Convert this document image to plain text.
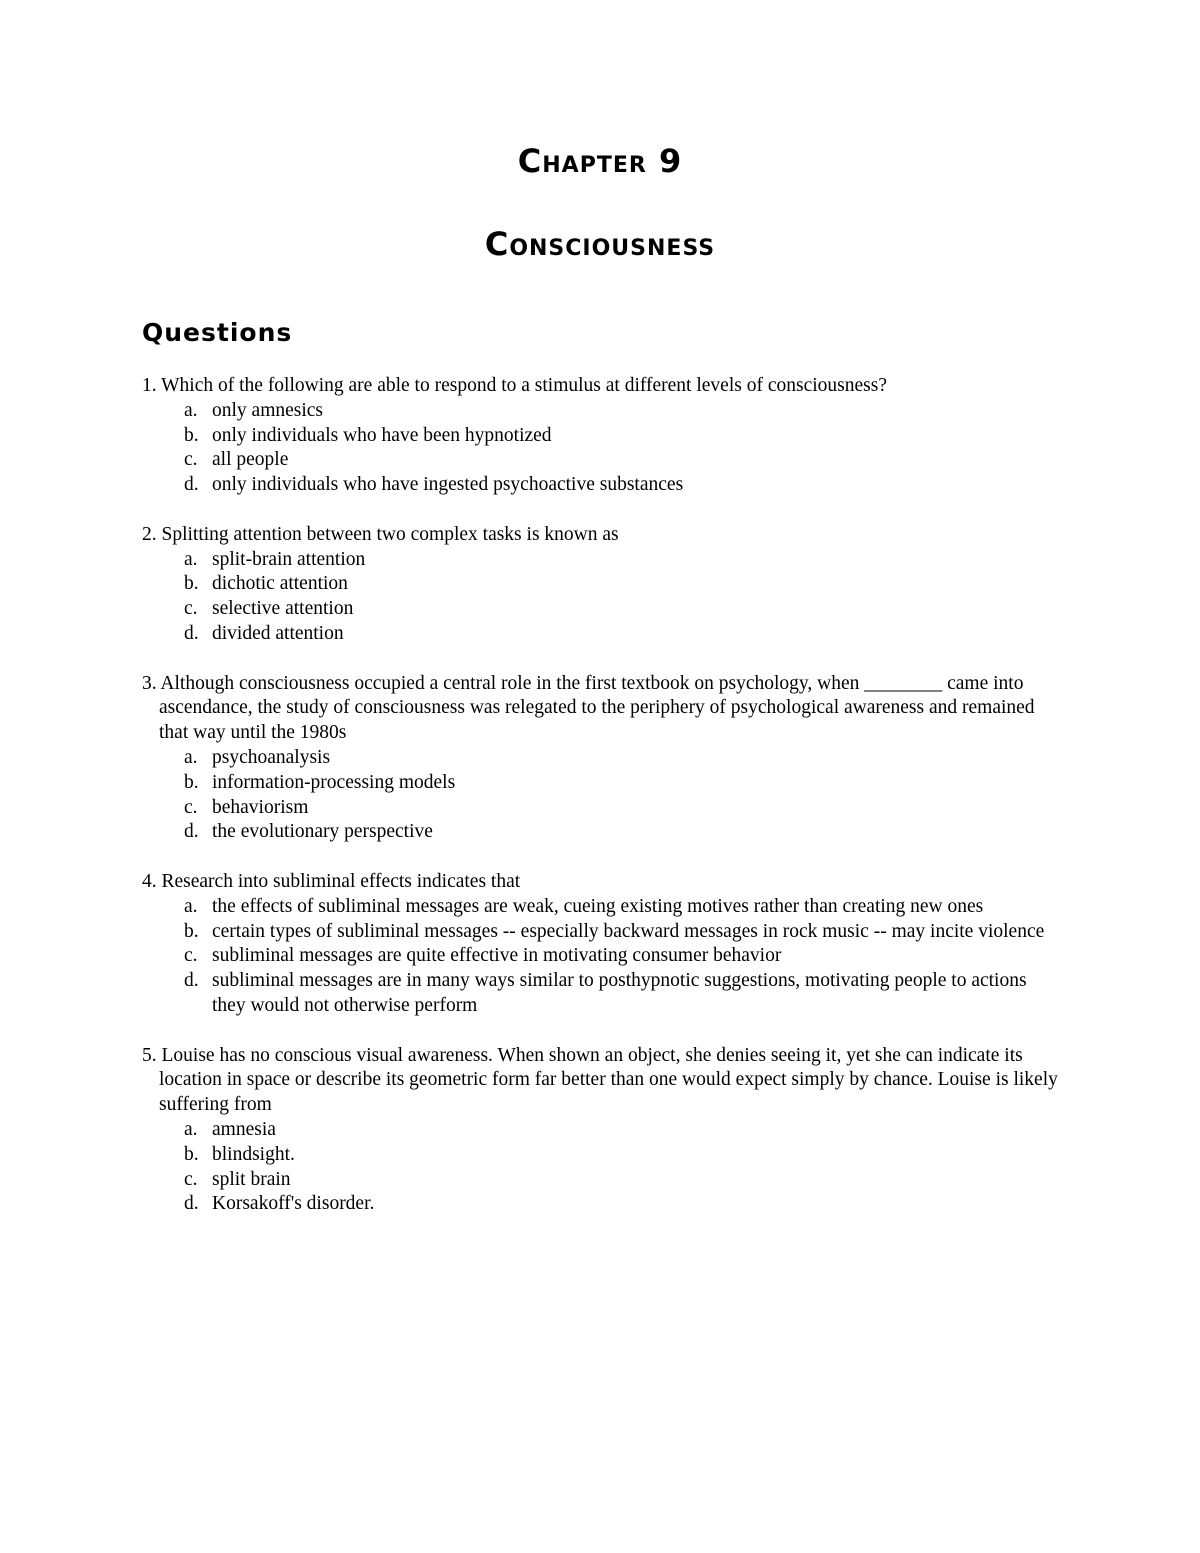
Chapter 9
Consciousness
Questions
1. Which of the following are able to respond to a stimulus at different levels of consciousness?
a. only amnesics
b. only individuals who have been hypnotized
c. all people
d. only individuals who have ingested psychoactive substances
2. Splitting attention between two complex tasks is known as
a. split-brain attention
b. dichotic attention
c. selective attention
d. divided attention
3. Although consciousness occupied a central role in the first textbook on psychology, when ________ came into ascendance, the study of consciousness was relegated to the periphery of psychological awareness and remained that way until the 1980s
a. psychoanalysis
b. information-processing models
c. behaviorism
d. the evolutionary perspective
4. Research into subliminal effects indicates that
a. the effects of subliminal messages are weak, cueing existing motives rather than creating new ones
b. certain types of subliminal messages -- especially backward messages in rock music -- may incite violence
c. subliminal messages are quite effective in motivating consumer behavior
d. subliminal messages are in many ways similar to posthypnotic suggestions, motivating people to actions they would not otherwise perform
5. Louise has no conscious visual awareness. When shown an object, she denies seeing it, yet she can indicate its location in space or describe its geometric form far better than one would expect simply by chance. Louise is likely suffering from
a. amnesia
b. blindsight.
c. split brain
d. Korsakoff's disorder.
